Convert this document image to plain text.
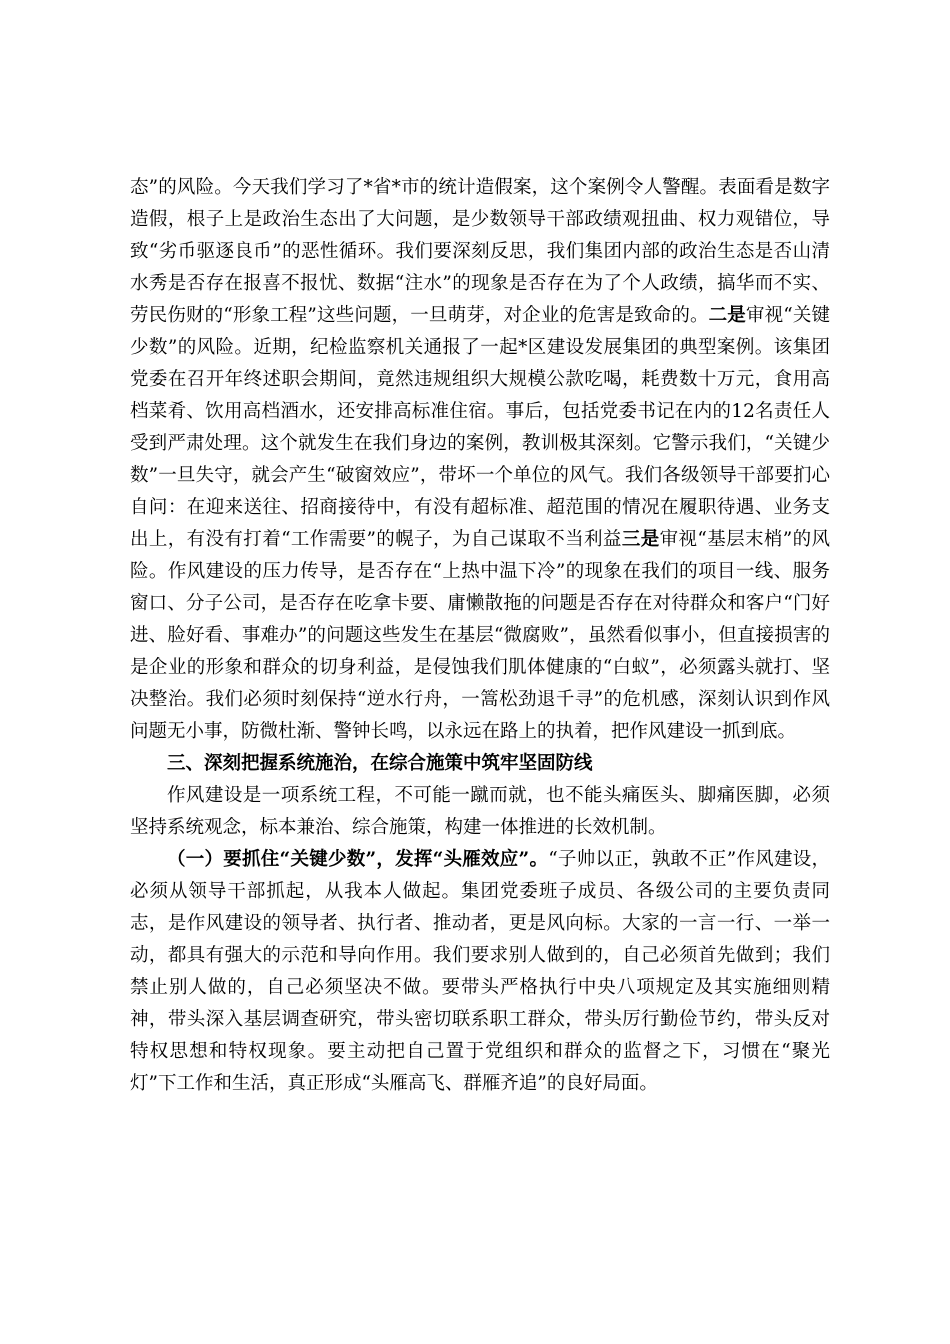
态”的风险。今天我们学习了*省*市的统计造假案，这个案例令人警醒。表面看是数字造假，根子上是政治生态出了大问题，是少数领导干部政绩观扭曲、权力观错位，导致“劣币驱逐良币”的恶性循环。我们要深刻反思，我们集团内部的政治生态是否山清水秀是否存在报喜不报忧、数据“注水”的现象是否存在为了个人政绩，搞华而不实、劳民伤财的“形象工程”这些问题，一旦萌芽，对企业的危害是致命的。二是审视“关键少数”的风险。近期，纪检监察机关通报了一起*区建设发展集团的典型案例。该集团党委在召开年终述职会期间，竟然违规组织大规模公款吃喝，耗费数十万元，食用高档菜肴、饮用高档酒水，还安排高标准住宿。事后，包括党委书记在内的12名责任人受到严肃处理。这个就发生在我们身边的案例，教训极其深刻。它警示我们，“关键少数”一旦失守，就会产生“破窗效应”，带坏一个单位的风气。我们各级领导干部要扪心自问：在迎来送往、招商接待中，有没有超标准、超范围的情况在履职待遇、业务支出上，有没有打着“工作需要”的幌子，为自己谋取不当利益三是审视“基层末梢”的风险。作风建设的压力传导，是否存在“上热中温下冷”的现象在我们的项目一线、服务窗口、分子公司，是否存在吃拿卡要、庸懒散拖的问题是否存在对待群众和客户“门好进、脸好看、事难办”的问题这些发生在基层“微腐败”，虽然看似事小，但直接损害的是企业的形象和群众的切身利益，是侵蚀我们肌体健康的“白蚁”，必须露头就打、坚决整治。我们必须时刻保持“逆水行舟，一篙松劲退千寻”的危机感，深刻认识到作风问题无小事，防微杜渐、警钟长鸣，以永远在路上的执着，把作风建设一抓到底。

三、深刻把握系统施治，在综合施策中筑牢坚固防线

作风建设是一项系统工程，不可能一蹴而就，也不能头痛医头、脚痛医脚，必须坚持系统观念，标本兼治、综合施策，构建一体推进的长效机制。

（一）要抓住“关键少数”，发挥“头雁效应”。“子帅以正，孰敢不正”作风建设，必须从领导干部抓起，从我本人做起。集团党委班子成员、各级公司的主要负责同志，是作风建设的领导者、执行者、推动者，更是风向标。大家的一言一行、一举一动，都具有强大的示范和导向作用。我们要求别人做到的，自己必须首先做到；我们禁止别人做的，自己必须坚决不做。要带头严格执行中央八项规定及其实施细则精神，带头深入基层调查研究，带头密切联系职工群众，带头厉行勤俭节约，带头反对特权思想和特权现象。要主动把自己置于党组织和群众的监督之下，习惯在“聚光灯”下工作和生活，真正形成“头雁高飞、群雁齐追”的良好局面。
